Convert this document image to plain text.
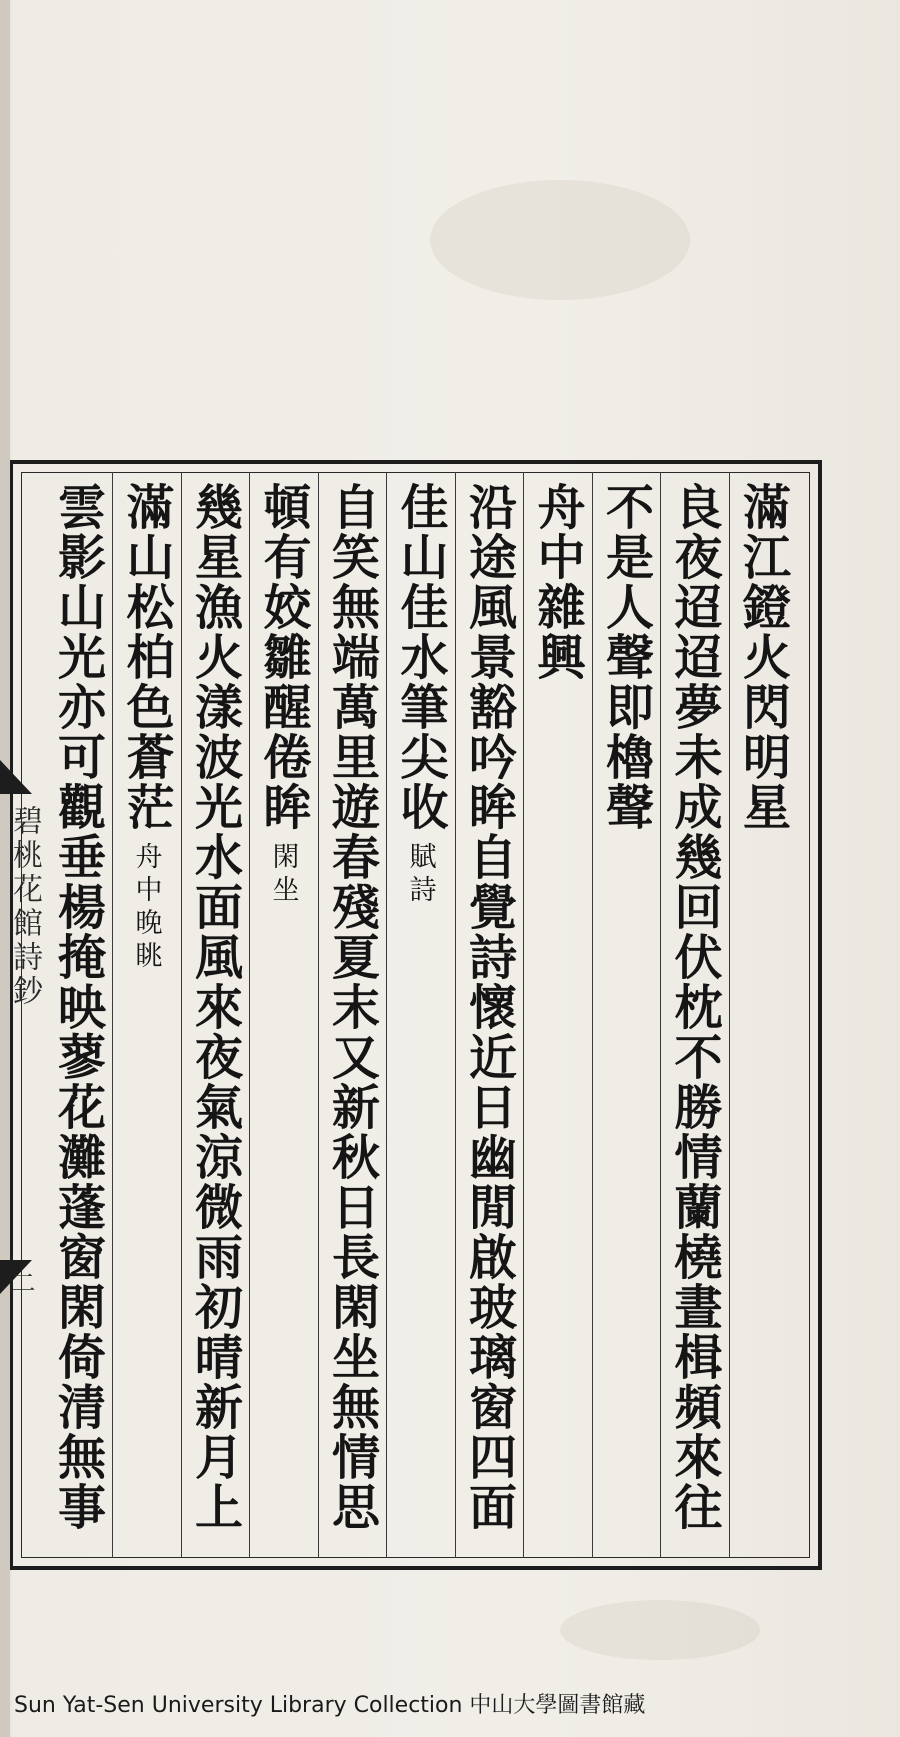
滿江鐙火閃明星
良夜迢迢夢未成幾回伏枕不勝情蘭橈晝楫頻來往
不是人聲即櫓聲
舟中雜興
沿途風景豁吟眸自覺詩懷近日幽閒啟玻璃窗四面
佳山佳水筆尖收
賦詩
自笑無端萬里遊春殘夏末又新秋日長閑坐無情思
頓有姣雛醒倦眸
閑坐
幾星漁火漾波光水面風來夜氣涼微雨初晴新月上
滿山松柏色蒼茫
舟中晚眺
雲影山光亦可觀垂楊掩映蓼花灘蓬窗閑倚清無事
碧桃花館詩鈔
二
Sun Yat-Sen University Library Collection 中山大學圖書館藏
